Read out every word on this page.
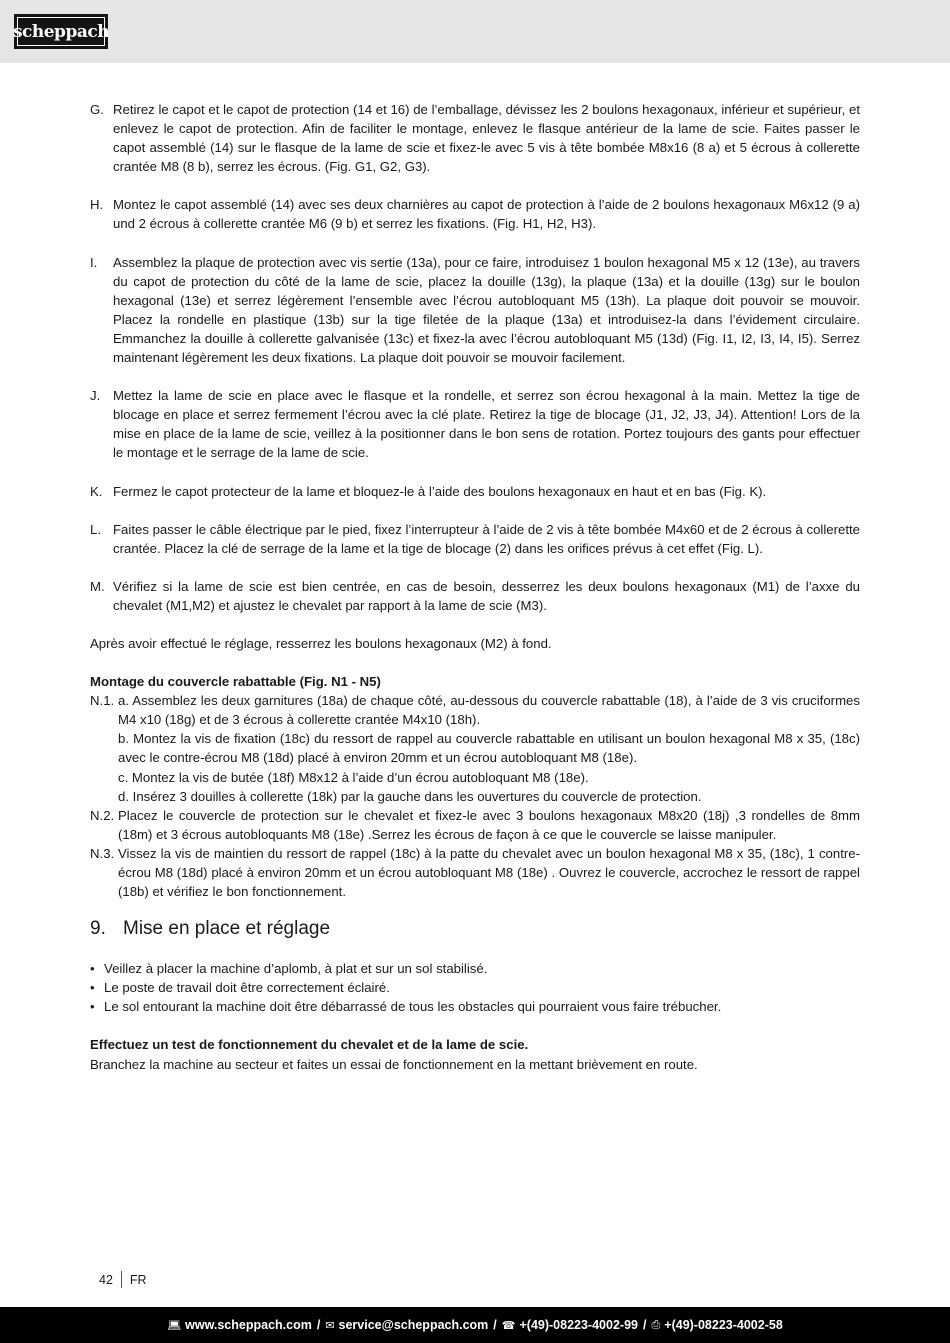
scheppach
G. Retirez le capot et le capot de protection (14 et 16) de l’emballage, dévissez les 2 boulons hexagonaux, inférieur et supérieur, et enlevez le capot de protection. Afin de faciliter le montage, enlevez le flasque antérieur de la lame de scie. Faites passer le capot assemblé (14) sur le flasque de la lame de scie et fixez-le avec 5 vis à tête bombée M8x16 (8 a) et 5 écrous à collerette crantée M8 (8 b), serrez les écrous. (Fig. G1, G2, G3).
H. Montez le capot assemblé (14) avec ses deux charnières au capot de protection à l’aide de 2 boulons hexagonaux M6x12 (9 a) und 2 écrous à collerette crantée M6 (9 b) et serrez les fixations. (Fig. H1, H2, H3).
I. Assemblez la plaque de protection avec vis sertie (13a), pour ce faire, introduisez 1 boulon hexagonal M5 x 12 (13e), au travers du capot de protection du côté de la lame de scie, placez la douille (13g), la plaque (13a) et la douille (13g) sur le boulon hexagonal (13e) et serrez légèrement l’ensemble avec l’écrou autobloquant M5 (13h). La plaque doit pouvoir se mouvoir. Placez la rondelle en plastique (13b) sur la tige filetée de la plaque (13a) et introduisez-la dans l’évidement circulaire. Emmanchez la douille à collerette galvanisée (13c) et fixez-la avec l’écrou autobloquant M5 (13d) (Fig. I1, I2, I3, I4, I5). Serrez maintenant légèrement les deux fixations. La plaque doit pouvoir se mouvoir facilement.
J. Mettez la lame de scie en place avec le flasque et la rondelle, et serrez son écrou hexagonal à la main. Mettez la tige de blocage en place et serrez fermement l’écrou avec la clé plate. Retirez la tige de blocage (J1, J2, J3, J4). Attention! Lors de la mise en place de la lame de scie, veillez à la positionner dans le bon sens de rotation. Portez toujours des gants pour effectuer le montage et le serrage de la lame de scie.
K. Fermez le capot protecteur de la lame et bloquez-le à l’aide des boulons hexagonaux en haut et en bas (Fig. K).
L. Faites passer le câble électrique par le pied, fixez l’interrupteur à l’aide de 2 vis à tête bombée M4x60 et de 2 écrous à collerette crantée. Placez la clé de serrage de la lame et la tige de blocage (2) dans les orifices prévus à cet effet (Fig. L).
M. Vérifiez si la lame de scie est bien centrée, en cas de besoin, desserrez les deux boulons hexagonaux (M1) de l’axxe du chevalet (M1,M2) et ajustez le chevalet par rapport à la lame de scie (M3).

Après avoir effectué le réglage, resserrez les boulons hexagonaux (M2) à fond.

Montage du couvercle rabattable (Fig. N1 - N5)
N.1. a. Assemblez les deux garnitures (18a) de chaque côté, au-dessous du couvercle rabattable (18), à l’aide de 3 vis cruciformes M4 x10 (18g) et de 3 écrous à collerette crantée M4x10 (18h).
b. Montez la vis de fixation (18c) du ressort de rappel au couvercle rabattable en utilisant un boulon hexagonal M8 x 35, (18c) avec le contre-écrou M8 (18d) placé à environ 20mm et un écrou autobloquant M8 (18e).
c. Montez la vis de butée (18f) M8x12 à l’aide d’un écrou autobloquant M8 (18e).
d. Insérez 3 douilles à collerette (18k) par la gauche dans les ouvertures du couvercle de protection.
N.2. Placez le couvercle de protection sur le chevalet et fixez-le avec 3 boulons hexagonaux M8x20 (18j) ,3 rondelles de 8mm (18m) et 3 écrous autobloquants M8 (18e) .Serrez les écrous de façon à ce que le couvercle se laisse manipuler.
N.3. Vissez la vis de maintien du ressort de rappel (18c) à la patte du chevalet avec un boulon hexagonal M8 x 35, (18c), 1 contre-écrou M8 (18d) placé à environ 20mm et un écrou autobloquant M8 (18e) . Ouvrez le couvercle, accrochez le ressort de rappel (18b) et vérifiez le bon fonctionnement.
9. Mise en place et réglage
• Veillez à placer la machine d’aplomb, à plat et sur un sol stabilisé.
• Le poste de travail doit être correctement éclairé.
• Le sol entourant la machine doit être débarrassé de tous les obstacles qui pourraient vous faire trébucher.
Effectuez un test de fonctionnement du chevalet et de la lame de scie.
Branchez la machine au secteur et faites un essai de fonctionnement en la mettant brièvement en route.
42 FR
💻︎ www.scheppach.com / ✉︎ service@scheppach.com / ☎︎ +(49)-08223-4002-99 / ⎙ +(49)-08223-4002-58
